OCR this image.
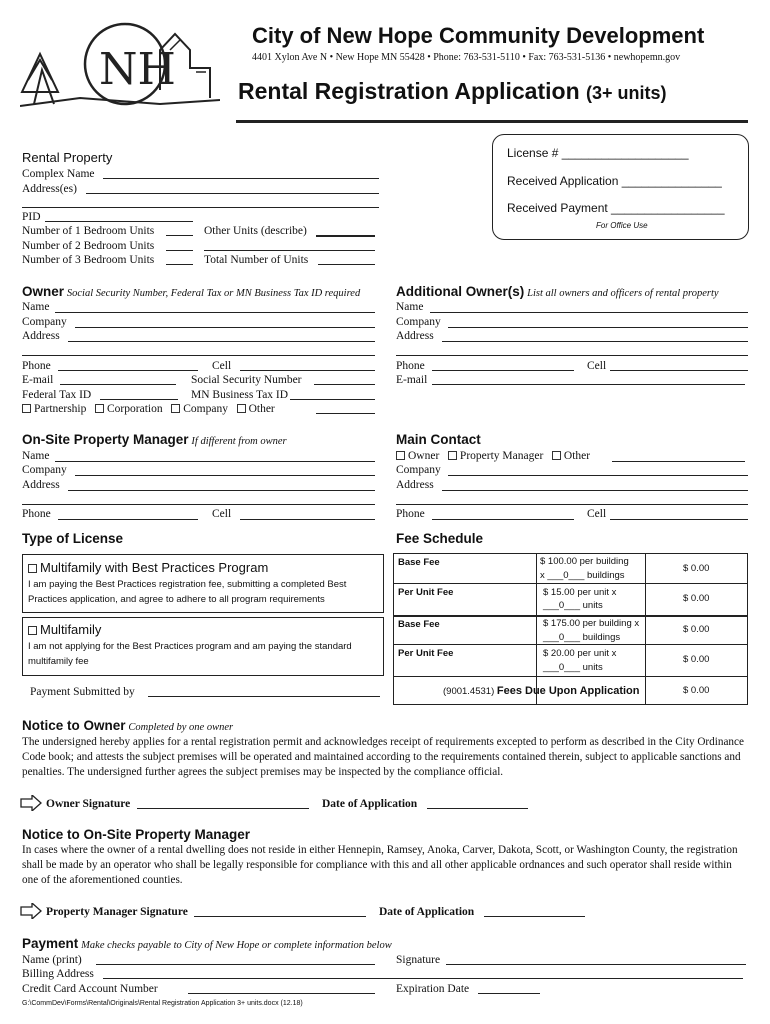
NH
City of New Hope Community Development
4401 Xylon Ave N • New Hope MN 55428 • Phone: 763-531-5110 • Fax: 763-531-5136 • newhopemn.gov
Rental Registration Application (3+ units)
License # ___________________
Received Application _______________
Received Payment _________________
For Office Use
Rental Property
Complex Name
Address(es)
PID
Number of 1 Bedroom Units
Number of 2 Bedroom Units
Number of 3 Bedroom Units
Other Units (describe)
Total Number of Units
Owner Social Security Number, Federal Tax or MN Business Tax ID required
Name
Company
Address
Phone	Cell
E-mail	Social Security Number
Federal Tax ID	MN Business Tax ID
Partnership Corporation Company Other
Additional Owner(s) List all owners and officers of rental property
Name
Company
Address
Phone	Cell
E-mail
On-Site Property Manager If different from owner
Name
Company
Address
Phone	Cell
Main Contact
Owner Property Manager Other
Company
Address
Phone	Cell
Type of License
Multifamily with Best Practices Program
I am paying the Best Practices registration fee, submitting a completed Best Practices application, and agree to adhere to all program requirements
Multifamily
I am not applying for the Best Practices program and am paying the standard multifamily fee
Payment Submitted by
Fee Schedule
Base Fee	$ 100.00 per building
x ___0___ buildings
$ 0.00
Per Unit Fee	$ 15.00 per unit x
___0___ units
$ 0.00
Base Fee	$ 175.00 per building x
___0___ buildings
$ 0.00
Per Unit Fee	$ 20.00 per unit x
___0___ units
$ 0.00
(9001.4531) Fees Due Upon Application	$ 0.00
Notice to Owner Completed by one owner
The undersigned hereby applies for a rental registration permit and acknowledges receipt of requirements excepted to perform as described in the City Ordinance Code book; and attests the subject premises will be operated and maintained according to the requirements contained therein, subject to applicable sanctions and penalties. The undersigned further agrees the subject premises may be inspected by the compliance official.
Owner Signature	Date of Application
Notice to On-Site Property Manager
In cases where the owner of a rental dwelling does not reside in either Hennepin, Ramsey, Anoka, Carver, Dakota, Scott, or Washington County, the registration shall be made by an operator who shall be legally responsible for compliance with this and all other applicable ordnances and such operator shall reside within one of the aforementioned counties.
Property Manager Signature	Date of Application
Payment Make checks payable to City of New Hope or complete information below
Name (print)	Signature
Billing Address
Credit Card Account Number	Expiration Date
G:\CommDev\Forms\Rental\Originals\Rental Registration Application 3+ units.docx (12.18)
